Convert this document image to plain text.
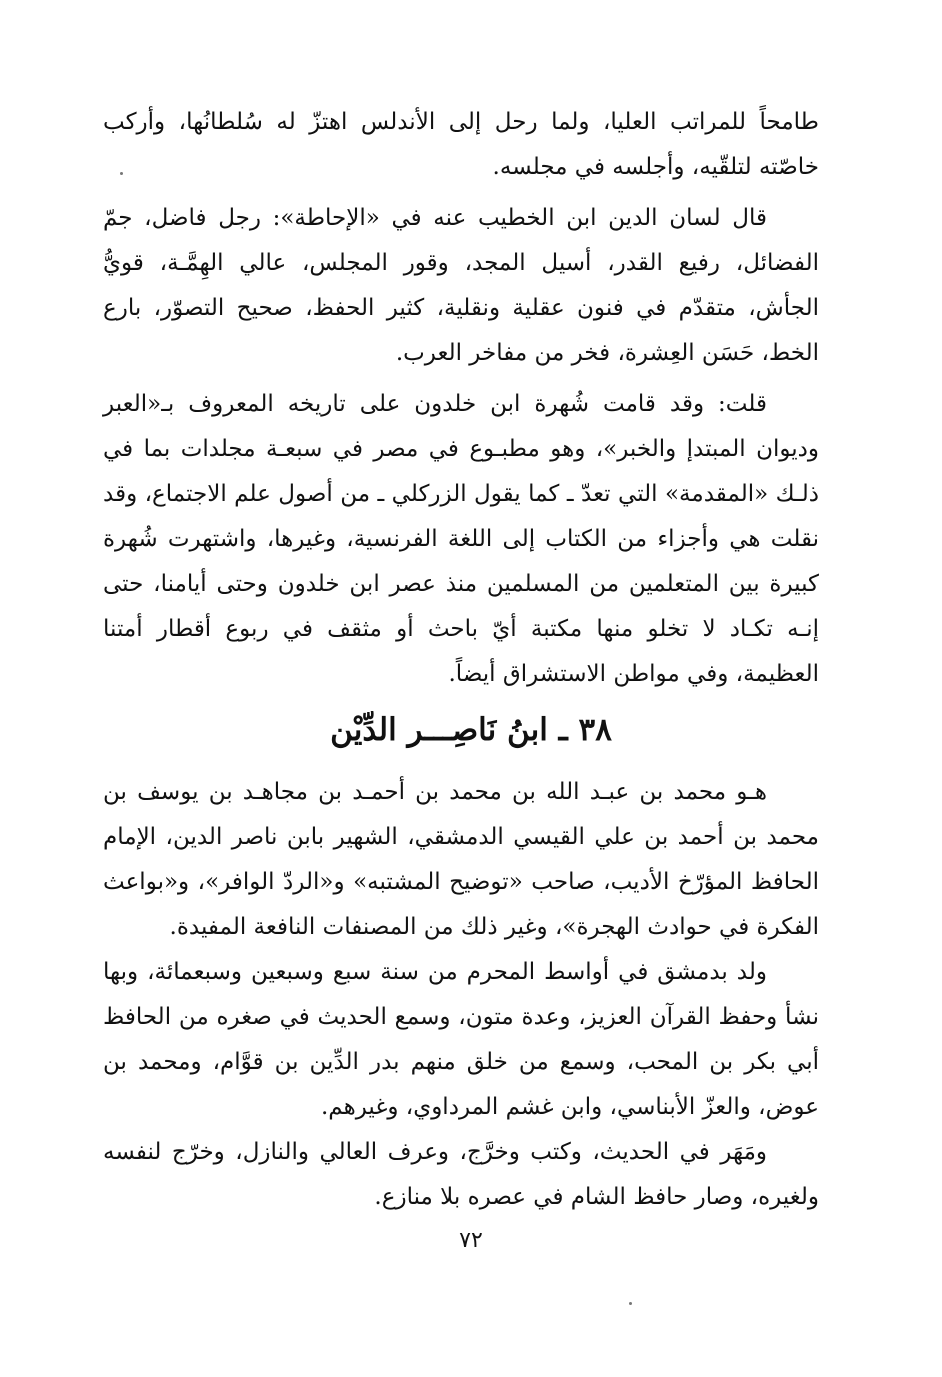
طامحاً للمراتب العليا، ولما رحل إلى الأندلس اهتزّ له سُلطانُها، وأركب خاصّته لتلقّيه، وأجلسه في مجلسه.

قال لسان الدين ابن الخطيب عنه في «الإحاطة»: رجل فاضل، جمّ الفضائل، رفيع القدر، أسيل المجد، وقور المجلس، عالي الهِمَّـة، قويُّ الجأش، متقدّم في فنون عقلية ونقلية، كثير الحفظ، صحيح التصوّر، بارع الخط، حَسَن العِشرة، فخر من مفاخر العرب.

قلت: وقد قامت شُهرة ابن خلدون على تاريخه المعروف بـ«العبر وديوان المبتدإ والخبر»، وهو مطبـوع في مصر في سبعـة مجلدات بما في ذلـك «المقدمة» التي تعدّ ـ كما يقول الزركلي ـ من أصول علم الاجتماع، وقد نقلت هي وأجزاء من الكتاب إلى اللغة الفرنسية، وغيرها، واشتهرت شُهرة كبيرة بين المتعلمين من المسلمين منذ عصر ابن خلدون وحتى أيامنا، حتى إنـه تكـاد لا تخلو منها مكتبة أيّ باحث أو مثقف في ربوع أقطار أمتنا العظيمة، وفي مواطن الاستشراق أيضاً.

٣٨ ـ ابنُ نَاصِـــر الدِّيْن

هـو محمد بن عبـد الله بن محمد بن أحمـد بن مجاهـد بن يوسف بن محمد بن أحمد بن علي القيسي الدمشقي، الشهير بابن ناصر الدين، الإمام الحافظ المؤرّخ الأديب، صاحب «توضيح المشتبه» و«الردّ الوافر»، و«بواعث الفكرة في حوادث الهجرة»، وغير ذلك من المصنفات النافعة المفيدة.

ولد بدمشق في أواسط المحرم من سنة سبع وسبعين وسبعمائة، وبها نشأ وحفظ القرآن العزيز، وعدة متون، وسمع الحديث في صغره من الحافظ أبي بكر بن المحب، وسمع من خلق منهم بدر الدِّين بن قوَّام، ومحمد بن عوض، والعزّ الأبناسي، وابن غشم المرداوي، وغيرهم.

ومَهَر في الحديث، وكتب وخرَّج، وعرف العالي والنازل، وخرّج لنفسه ولغيره، وصار حافظ الشام في عصره بلا منازع.

٧٢
